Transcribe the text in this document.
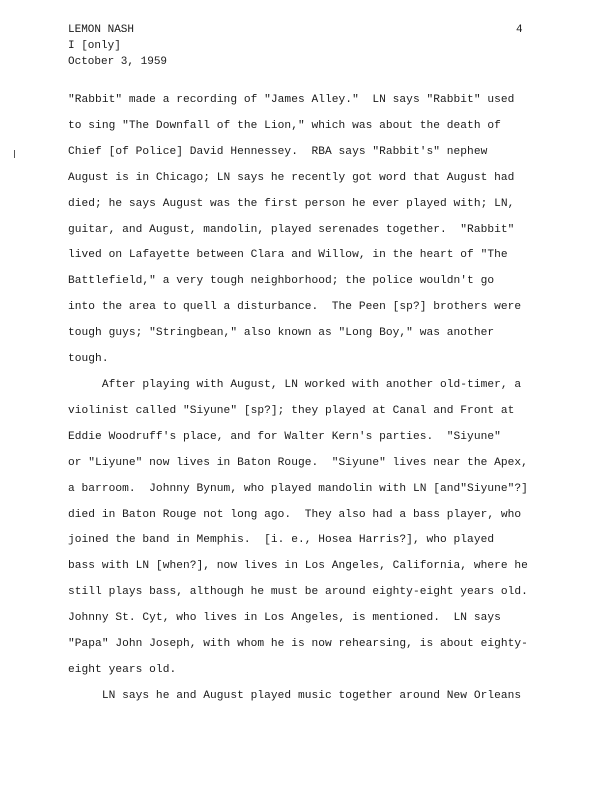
LEMON NASH
I [only]
October 3, 1959
4
"Rabbit" made a recording of "James Alley."  LN says "Rabbit" used
to sing "The Downfall of the Lion," which was about the death of
Chief [of Police] David Hennessey.  RBA says "Rabbit's" nephew
August is in Chicago; LN says he recently got word that August had
died; he says August was the first person he ever played with; LN,
guitar, and August, mandolin, played serenades together.  "Rabbit"
lived on Lafayette between Clara and Willow, in the heart of "The
Battlefield," a very tough neighborhood; the police wouldn't go
into the area to quell a disturbance.  The Peen [sp?] brothers were
tough guys; "Stringbean," also known as "Long Boy," was another
tough.
After playing with August, LN worked with another old-timer, a
violinist called "Siyune" [sp?]; they played at Canal and Front at
Eddie Woodruff's place, and for Walter Kern's parties.  "Siyune"
or "Liyune" now lives in Baton Rouge.  "Siyune" lives near the Apex,
a barroom.  Johnny Bynum, who played mandolin with LN [and"Siyune"?]
died in Baton Rouge not long ago.  They also had a bass player, who
joined the band in Memphis.  [i. e., Hosea Harris?], who played
bass with LN [when?], now lives in Los Angeles, California, where he
still plays bass, although he must be around eighty-eight years old.
Johnny St. Cyt, who lives in Los Angeles, is mentioned.  LN says
"Papa" John Joseph, with whom he is now rehearsing, is about eighty-
eight years old.
LN says he and August played music together around New Orleans
